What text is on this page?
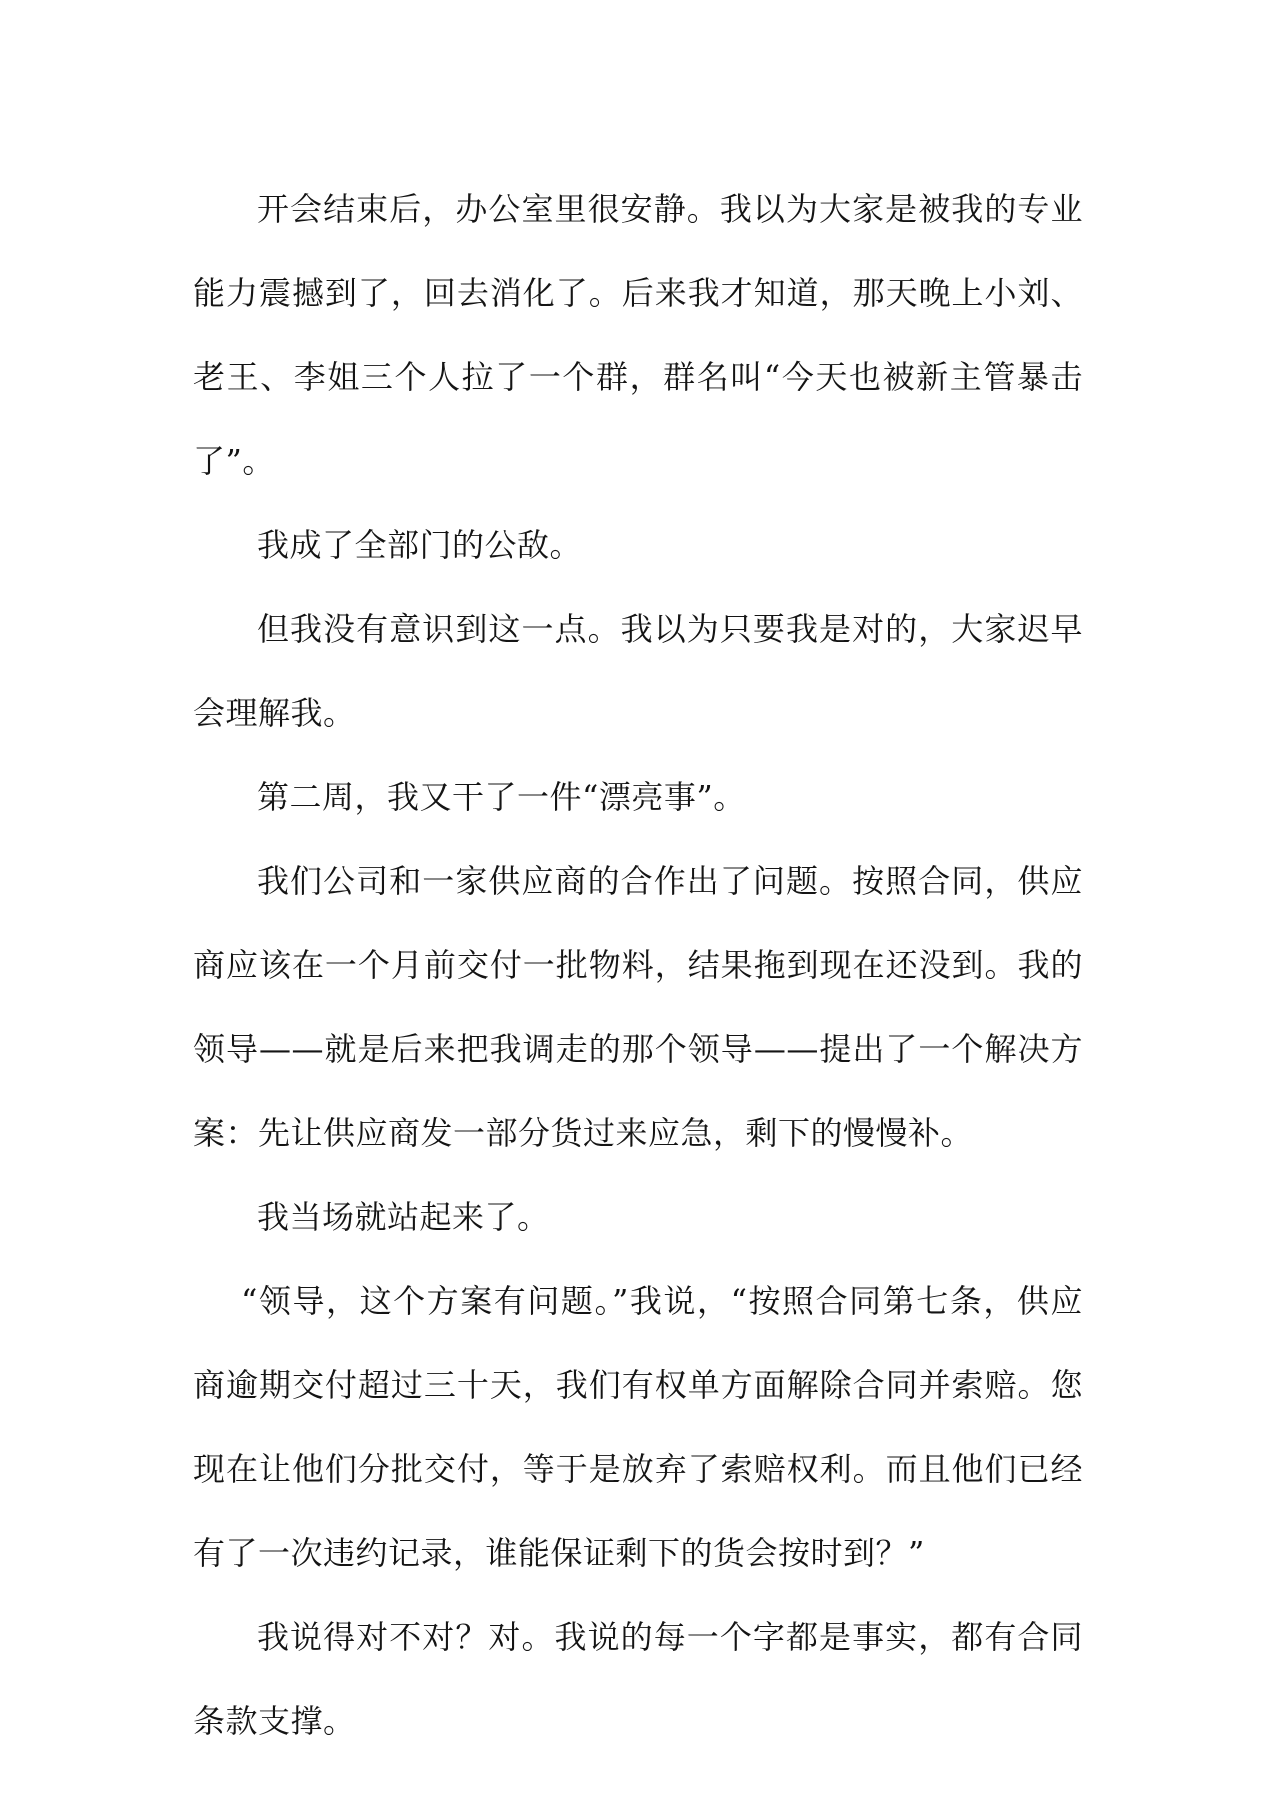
开会结束后，办公室里很安静。我以为大家是被我的专业能力震撼到了，回去消化了。后来我才知道，那天晚上小刘、老王、李姐三个人拉了一个群，群名叫“今天也被新主管暴击了”。

我成了全部门的公敌。

但我没有意识到这一点。我以为只要我是对的，大家迟早会理解我。

第二周，我又干了一件“漂亮事”。

我们公司和一家供应商的合作出了问题。按照合同，供应商应该在一个月前交付一批物料，结果拖到现在还没到。我的领导——就是后来把我调走的那个领导——提出了一个解决方案：先让供应商发一部分货过来应急，剩下的慢慢补。

我当场就站起来了。

“领导，这个方案有问题。”我说，“按照合同第七条，供应商逾期交付超过三十天，我们有权单方面解除合同并索赔。您现在让他们分批交付，等于是放弃了索赔权利。而且他们已经有了一次违约记录，谁能保证剩下的货会按时到？”

我说得对不对？对。我说的每一个字都是事实，都有合同条款支撑。
